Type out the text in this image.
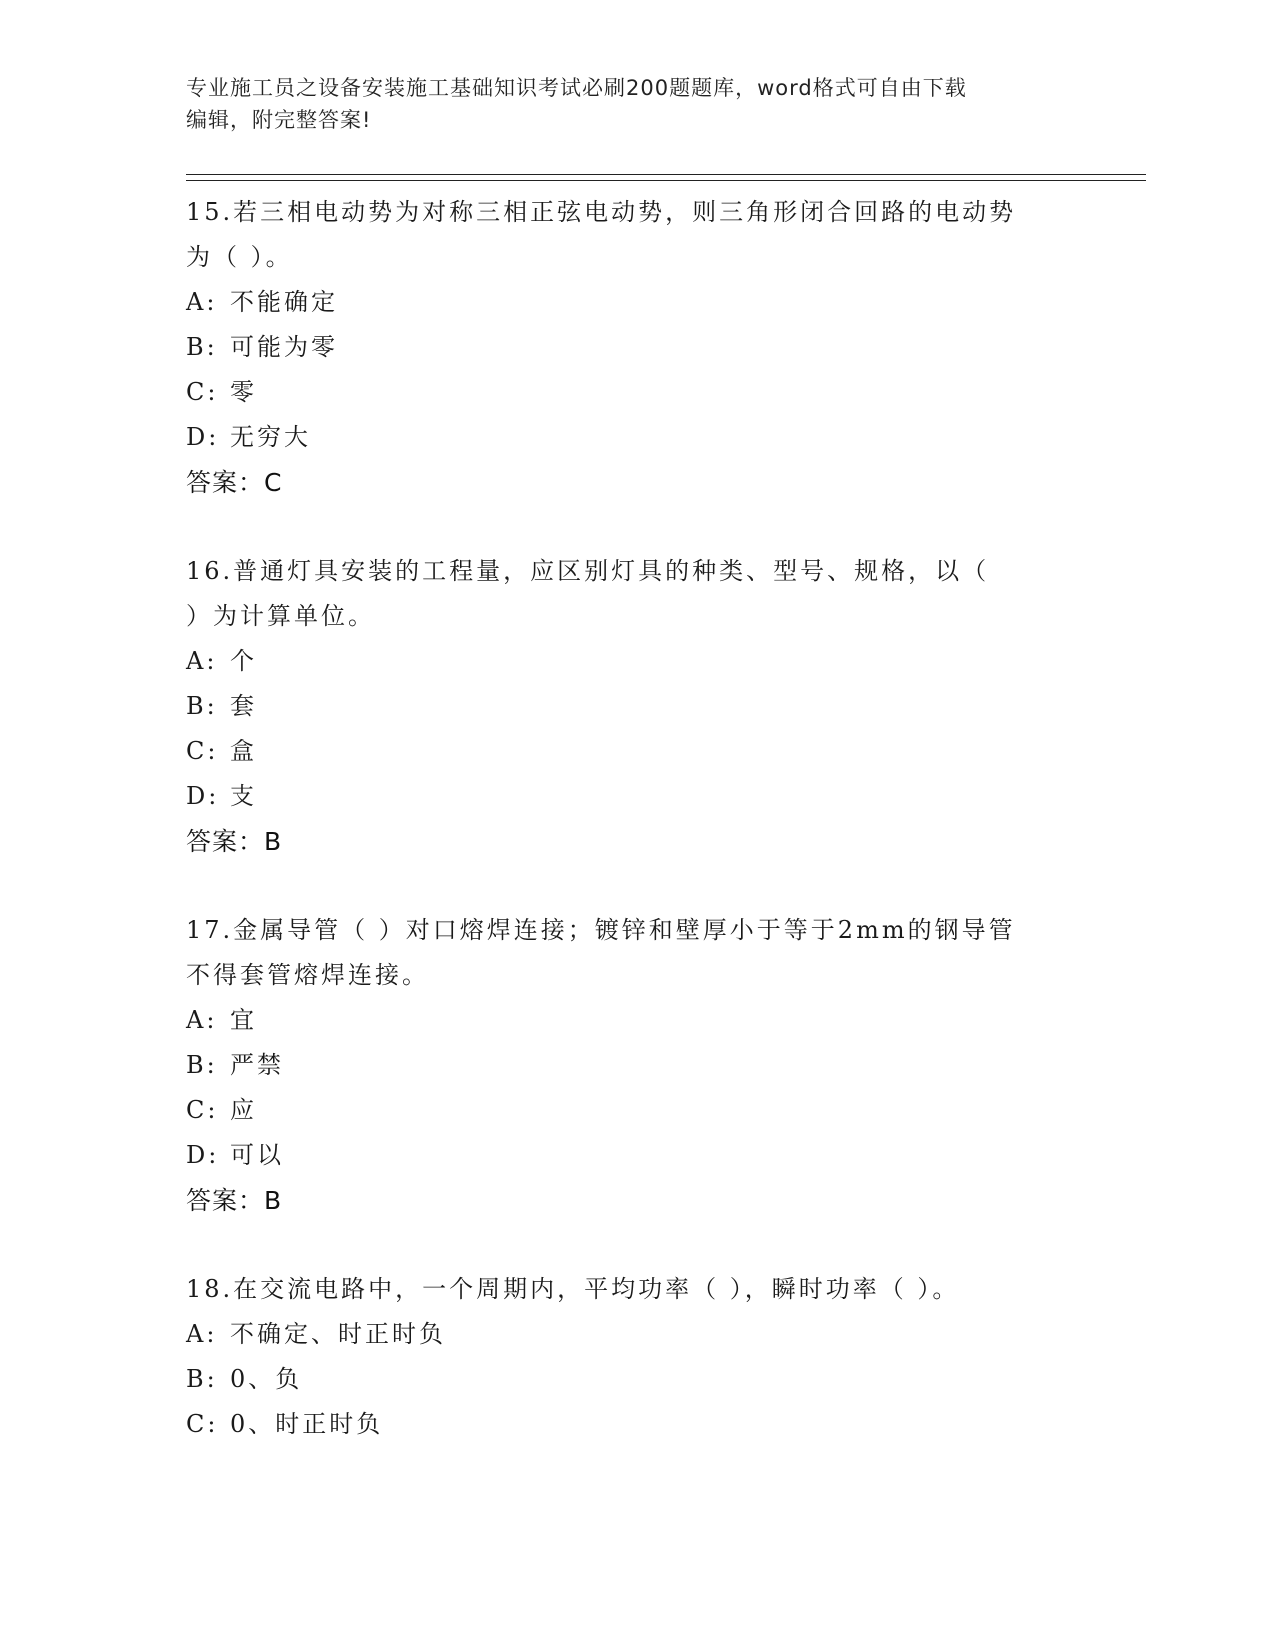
专业施工员之设备安装施工基础知识考试必刷200题题库，word格式可自由下载
编辑，附完整答案!
15.若三相电动势为对称三相正弦电动势，则三角形闭合回路的电动势
为（ ）。
A: 不能确定
B: 可能为零
C: 零
D: 无穷大
答案：C
16.普通灯具安装的工程量，应区别灯具的种类、型号、规格，以（
）为计算单位。
A: 个
B: 套
C: 盒
D: 支
答案：B
17.金属导管（ ）对口熔焊连接；镀锌和壁厚小于等于2mm的钢导管
不得套管熔焊连接。
A: 宜
B: 严禁
C: 应
D: 可以
答案：B
18.在交流电路中，一个周期内，平均功率（ ），瞬时功率（ ）。
A: 不确定、时正时负
B: 0、负
C: 0、时正时负
